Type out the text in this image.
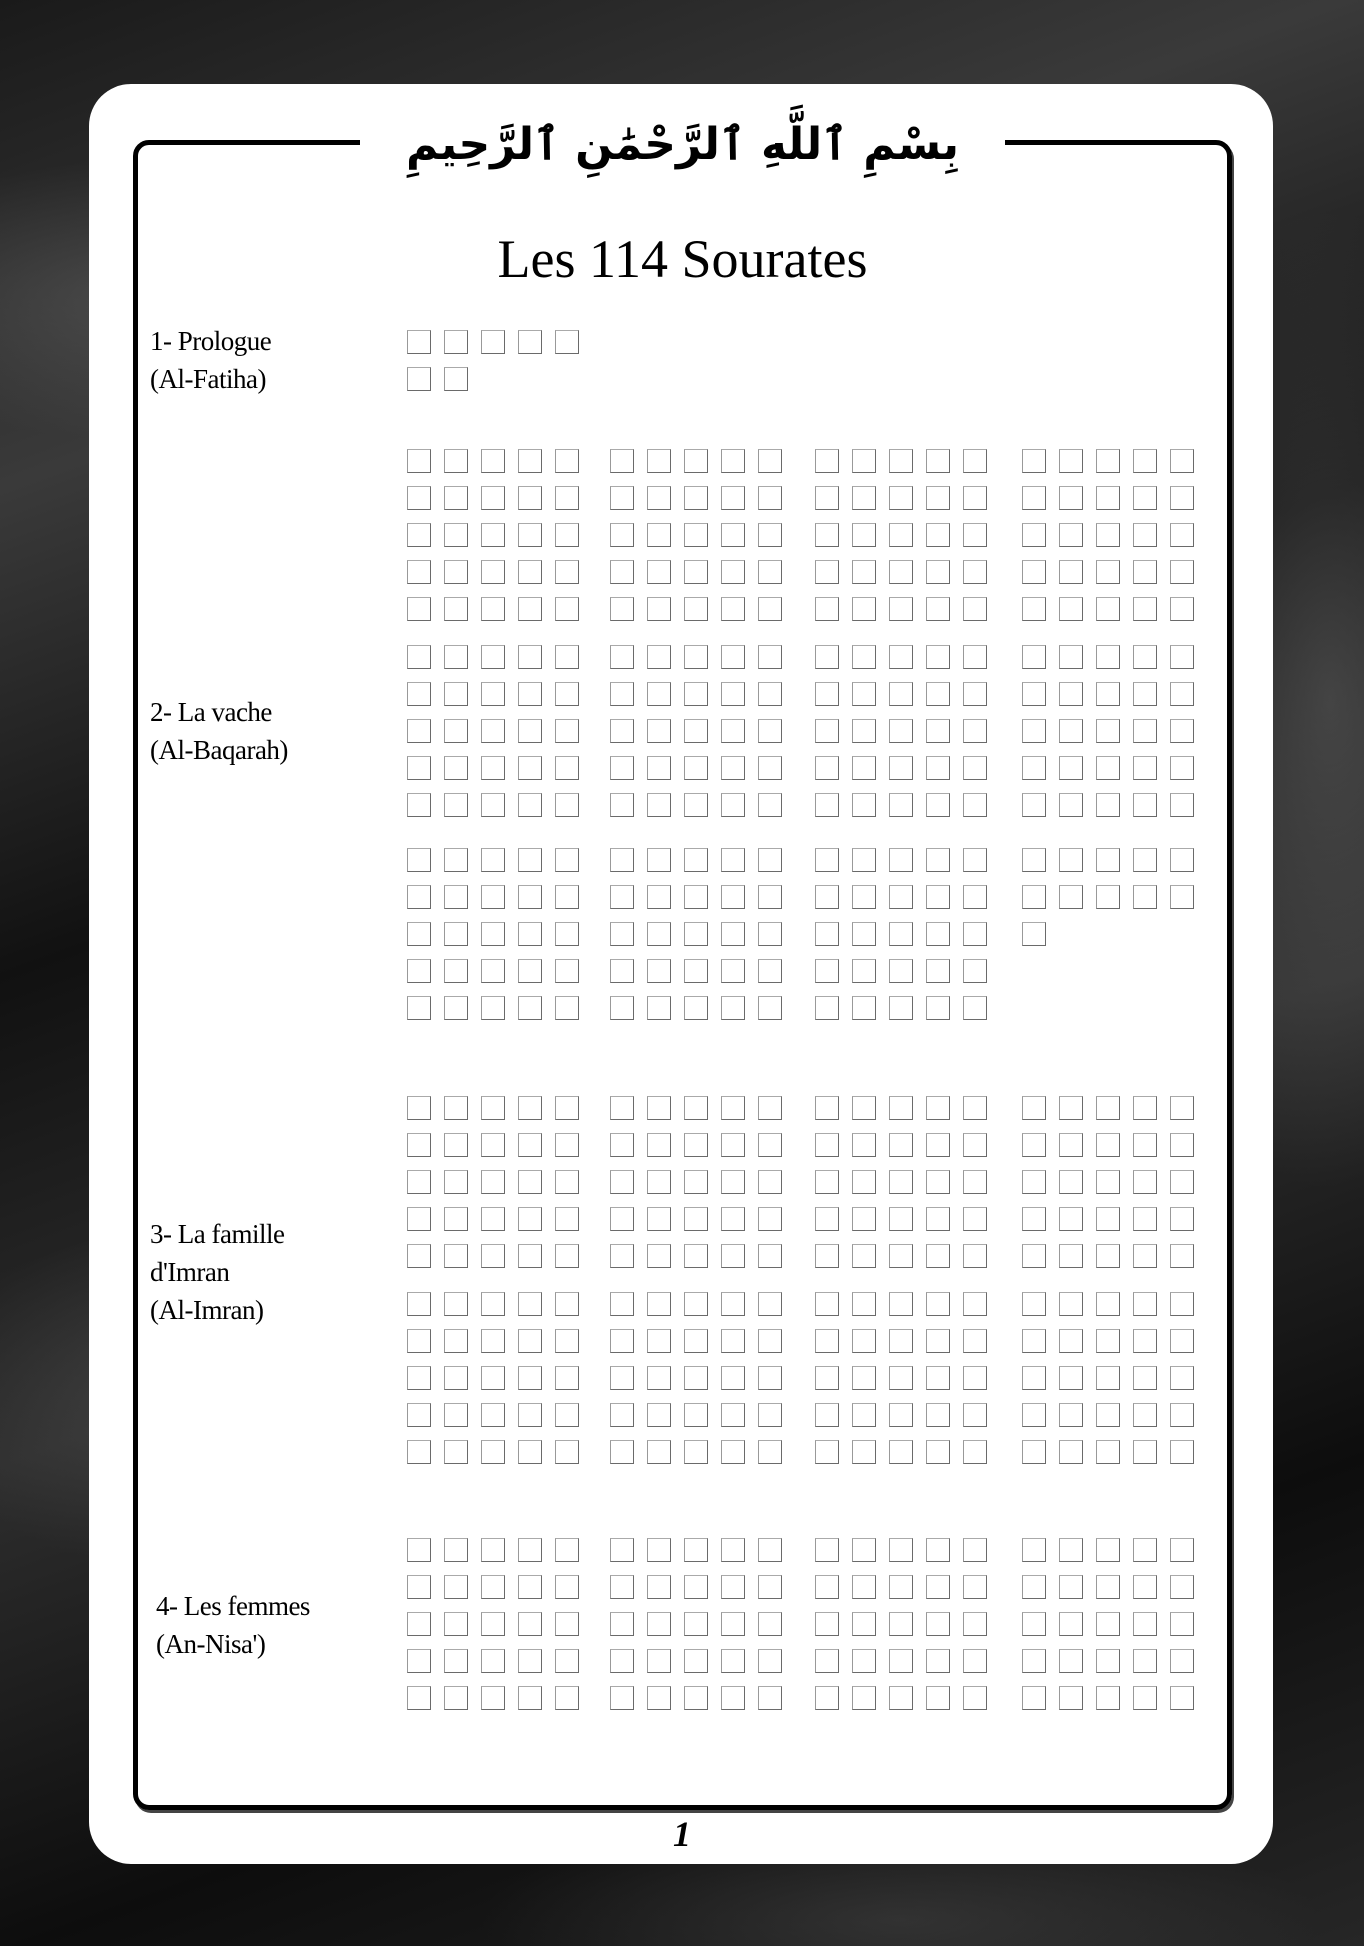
بِسْمِ ٱللَّهِ ٱلرَّحْمَٰنِ ٱلرَّحِيمِ
Les 114 Sourates
1- Prologue
(Al-Fatiha)
2- La vache
(Al-Baqarah)
3- La famille
d'Imran
(Al-Imran)
4- Les femmes
(An-Nisa')
1
